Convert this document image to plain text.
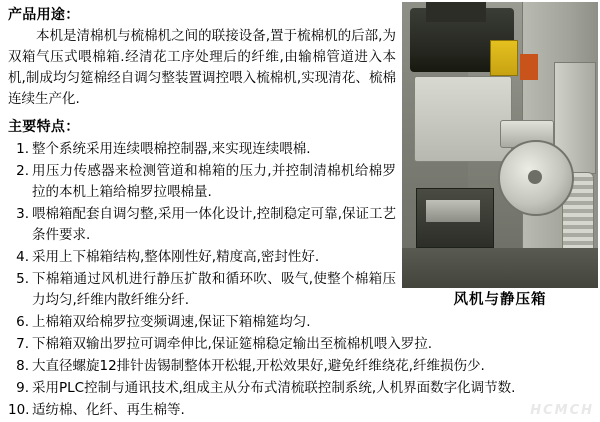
产品用途：

本机是清棉机与梳棉机之间的联接设备,置于梳棉机的后部,为双箱气压式喂棉箱.经清花工序处理后的纤维,由输棉管道进入本机,制成均匀筵棉经自调匀整装置调控喂入梳棉机,实现清花、梳棉连续生产化.

主要特点：
1. 整个系统采用连续喂棉控制器,来实现连续喂棉.
2. 用压力传感器来检测管道和棉箱的压力,并控制清棉机给棉罗拉的本机上箱给棉罗拉喂棉量.
3. 喂棉箱配套自调匀整,采用一体化设计,控制稳定可靠,保证工艺条件要求.
4. 采用上下棉箱结构,整体刚性好,精度高,密封性好.
5. 下棉箱通过风机进行静压扩散和循环吹、吸气,使整个棉箱压力均匀,纤维内散纤维分纤.
6. 上棉箱双给棉罗拉变频调速,保证下箱棉筵均匀.
7. 下棉箱双输出罗拉可调牵伸比,保证筵棉稳定输出至梳棉机喂入罗拉.
8. 大直径螺旋12排针齿锡制整体开松辊,开松效果好,避免纤维绕花,纤维损伤少.
9. 采用PLC控制与通讯技术,组成主从分布式清梳联控制系统,人机界面数字化调节数.
10. 适纺棉、化纤、再生棉等.
风机与静压箱
HCMCH
